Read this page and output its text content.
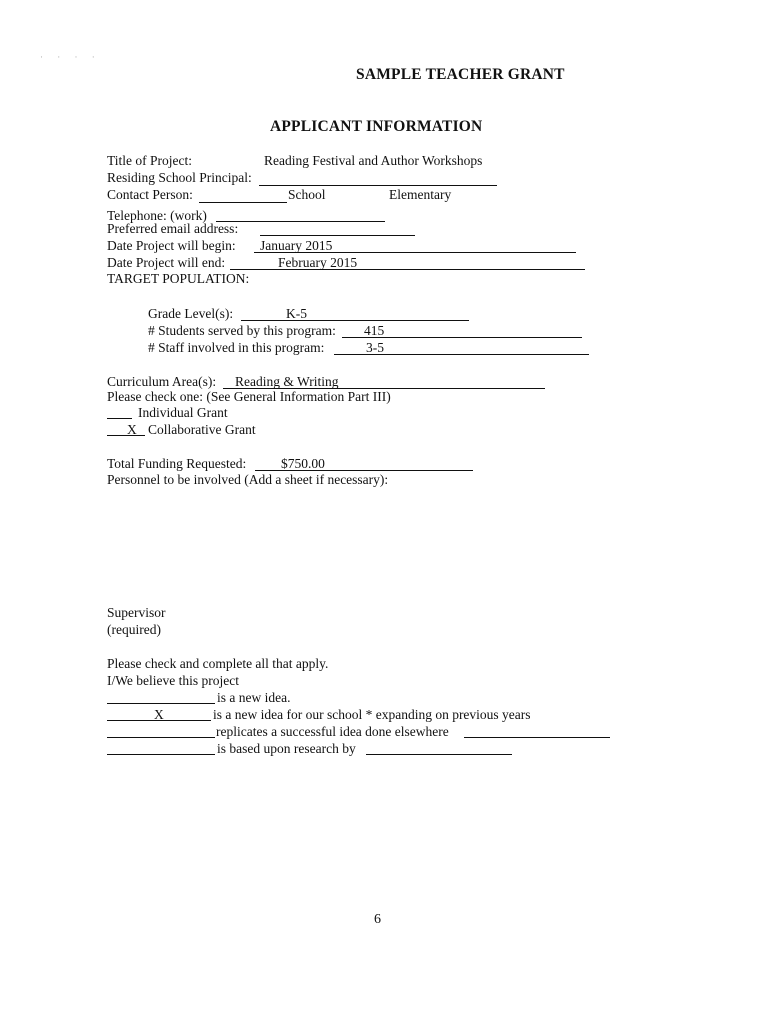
· · · ·
SAMPLE TEACHER GRANT
APPLICANT INFORMATION
Title of Project:	Reading Festival and Author Workshops
Residing School Principal:
Contact Person:	School	Elementary
Telephone: (work)
Preferred email address:
Date Project will begin: January 2015
Date Project will end:	February 2015
TARGET POPULATION:
Grade Level(s):	K-5
# Students served by this program: 415
# Staff involved in this program:	3-5
Curriculum Area(s): Reading & Writing
Please check one: (See General Information Part III)
Individual Grant
X Collaborative Grant
Total Funding Requested:	$750.00
Personnel to be involved (Add a sheet if necessary):
Supervisor
(required)
Please check and complete all that apply.
I/We believe this project
is a new idea.
X	is a new idea for our school * expanding on previous years
replicates a successful idea done elsewhere
is based upon research by
6
